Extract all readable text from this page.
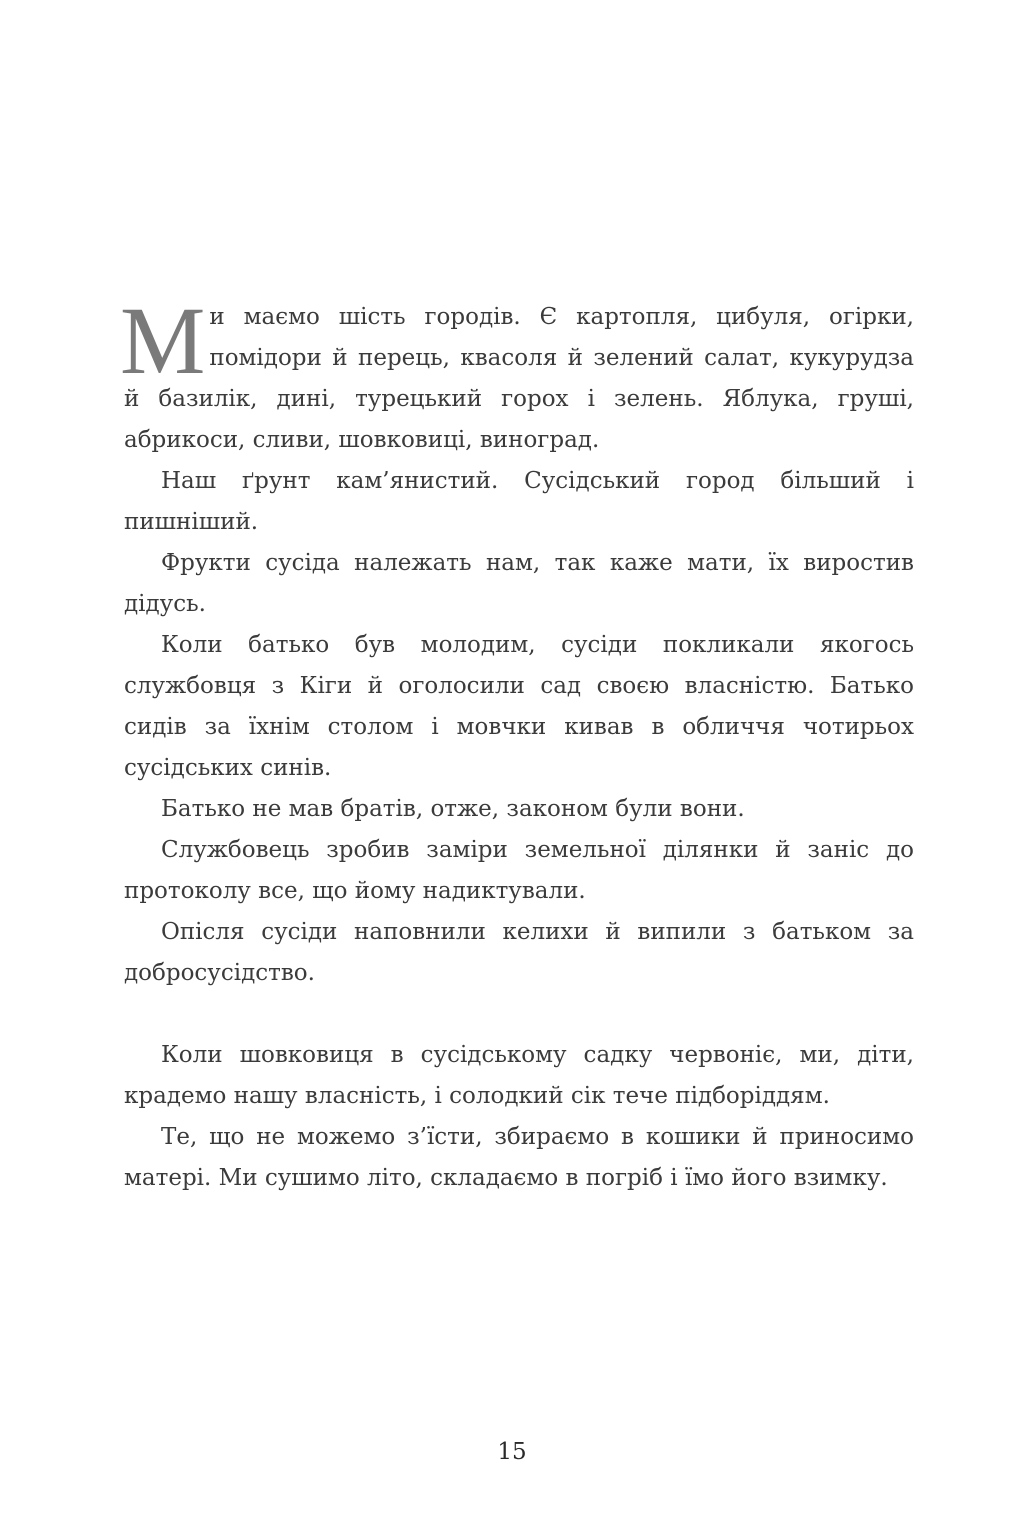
Ми маємо шість городів. Є картопля, цибуля, огірки, помідори й перець, квасоля й зелений салат, кукурудза й базилік, дині, турецький горох і зелень. Яблука, груші, абрикоси, сливи, шовковиці, виноград.

Наш ґрунт кам’янистий. Сусідський город більший і пишніший.

Фрукти сусіда належать нам, так каже мати, їх виростив дідусь.

Коли батько був молодим, сусіди покликали якогось службовця з Кіги й оголосили сад своєю власністю. Батько сидів за їхнім столом і мовчки кивав в обличчя чотирьох сусідських синів.

Батько не мав братів, отже, законом були вони.

Службовець зробив заміри земельної ділянки й заніс до протоколу все, що йому надиктували.

Опісля сусіди наповнили келихи й випили з батьком за добросусідство.

Коли шовковиця в сусідському садку червоніє, ми, діти, крадемо нашу власність, і солодкий сік тече підборіддям.

Те, що не можемо з’їсти, збираємо в кошики й приносимо матері. Ми сушимо літо, складаємо в погріб і їмо його взимку.

15
